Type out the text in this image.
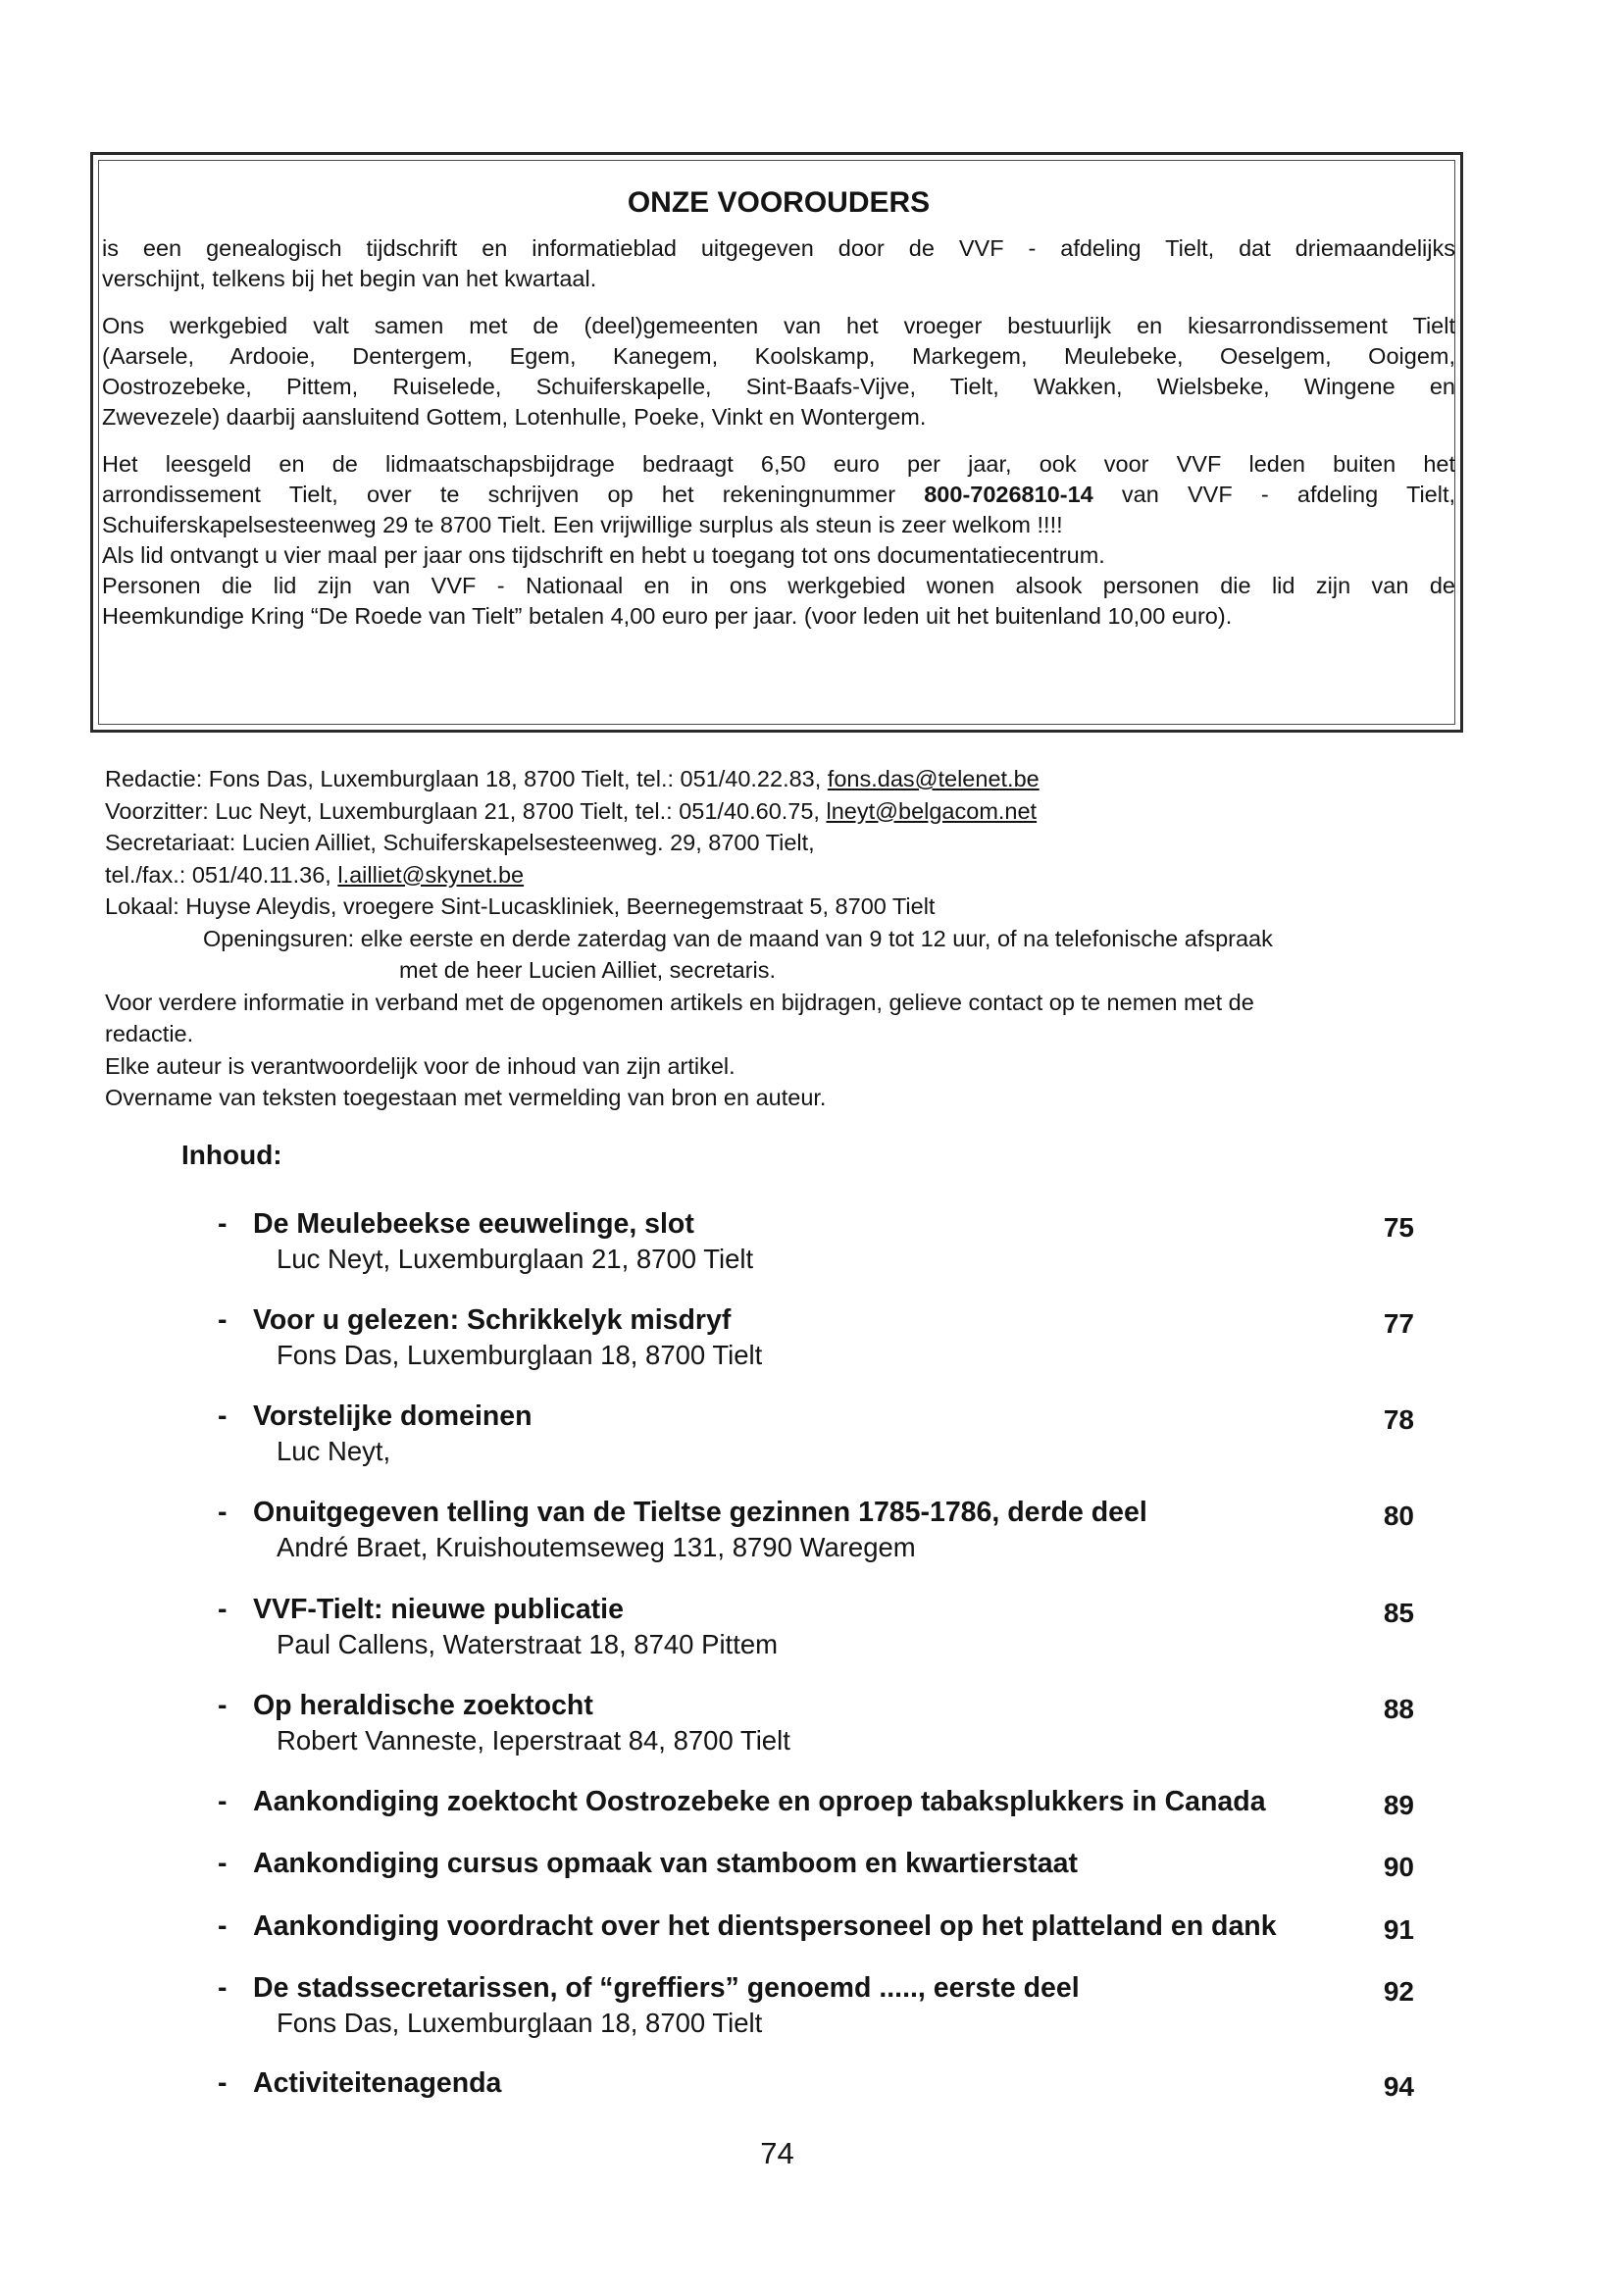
ONZE VOOROUDERS

is een genealogisch tijdschrift en informatieblad uitgegeven door de VVF - afdeling Tielt, dat driemaandelijks
verschijnt, telkens bij het begin van het kwartaal.

Ons werkgebied valt samen met de (deel)gemeenten van het vroeger bestuurlijk en kiesarrondissement Tielt
(Aarsele, Ardooie, Dentergem, Egem, Kanegem, Koolskamp, Markegem, Meulebeke, Oeselgem, Ooigem,
Oostrozebeke, Pittem, Ruiselede, Schuiferskapelle, Sint-Baafs-Vijve, Tielt, Wakken, Wielsbeke, Wingene en
Zwevezele) daarbij aansluitend Gottem, Lotenhulle, Poeke, Vinkt en Wontergem.

Het leesgeld en de lidmaatschapsbijdrage bedraagt 6,50 euro per jaar, ook voor VVF leden buiten het
arrondissement Tielt, over te schrijven op het rekeningnummer 800-7026810-14 van VVF - afdeling Tielt,
Schuiferskapelsesteenweg 29 te 8700 Tielt. Een vrijwillige surplus als steun is zeer welkom !!!!
Als lid ontvangt u vier maal per jaar ons tijdschrift en hebt u toegang tot ons documentatiecentrum.
Personen die lid zijn van VVF - Nationaal en in ons werkgebied wonen alsook personen die lid zijn van de
Heemkundige Kring “De Roede van Tielt” betalen 4,00 euro per jaar. (voor leden uit het buitenland 10,00 euro).

Redactie: Fons Das, Luxemburglaan 18, 8700 Tielt, tel.: 051/40.22.83, fons.das@telenet.be
Voorzitter: Luc Neyt, Luxemburglaan 21, 8700 Tielt, tel.: 051/40.60.75, lneyt@belgacom.net
Secretariaat: Lucien Ailliet, Schuiferskapelsesteenweg. 29, 8700 Tielt,
tel./fax.: 051/40.11.36, l.ailliet@skynet.be
Lokaal: Huyse Aleydis, vroegere Sint-Lucaskliniek, Beernegemstraat 5, 8700 Tielt
Openingsuren: elke eerste en derde zaterdag van de maand van 9 tot 12 uur, of na telefonische afspraak
met de heer Lucien Ailliet, secretaris.
Voor verdere informatie in verband met de opgenomen artikels en bijdragen, gelieve contact op te nemen met de
redactie.
Elke auteur is verantwoordelijk voor de inhoud van zijn artikel.
Overname van teksten toegestaan met vermelding van bron en auteur.
Inhoud:
- De Meulebeekse eeuwelinge, slot	75
Luc Neyt, Luxemburglaan 21, 8700 Tielt
- Voor u gelezen: Schrikkelyk misdryf	77
Fons Das, Luxemburglaan 18, 8700 Tielt
- Vorstelijke domeinen	78
Luc Neyt,
- Onuitgegeven telling van de Tieltse gezinnen 1785-1786, derde deel	80
André Braet, Kruishoutemseweg 131, 8790 Waregem
- VVF-Tielt: nieuwe publicatie	85
Paul Callens, Waterstraat 18, 8740 Pittem
- Op heraldische zoektocht	88
Robert Vanneste, Ieperstraat 84, 8700 Tielt
- Aankondiging zoektocht Oostrozebeke en oproep tabaksplukkers in Canada	89
- Aankondiging cursus opmaak van stamboom en kwartierstaat	90
- Aankondiging voordracht over het dientspersoneel op het platteland en dank	91
- De stadssecretarissen, of “greffiers” genoemd ....., eerste deel	92
Fons Das, Luxemburglaan 18, 8700 Tielt
- Activiteitenagenda	94
74
